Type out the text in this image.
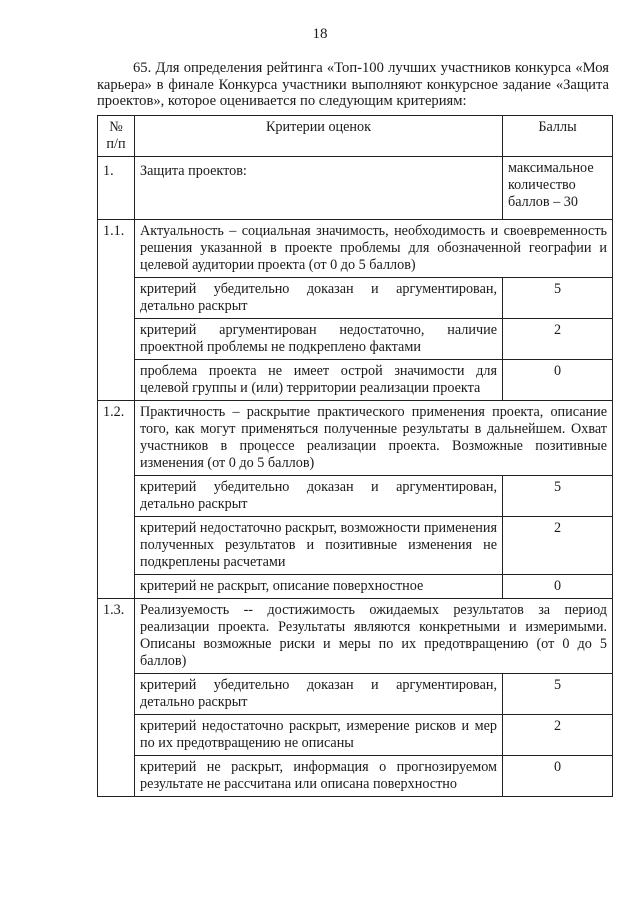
18
65. Для определения рейтинга «Топ-100 лучших участников конкурса «Моя карьера» в финале Конкурса участники выполняют конкурсное задание «Защита проектов», которое оценивается по следующим критериям:
№ п/п	Критерии оценок	Баллы
1.	Защита проектов:	максимальное количество баллов – 30
1.1.	Актуальность – социальная значимость, необходимость и своевременность решения указанной в проекте проблемы для обозначенной географии и целевой аудитории проекта (от 0 до 5 баллов)	
	критерий убедительно доказан и аргументирован, детально раскрыт	5
	критерий аргументирован недостаточно, наличие проектной проблемы не подкреплено фактами	2
	проблема проекта не имеет острой значимости для целевой группы и (или) территории реализации проекта	0
1.2.	Практичность – раскрытие практического применения проекта, описание того, как могут применяться полученные результаты в дальнейшем. Охват участников в процессе реализации проекта. Возможные позитивные изменения (от 0 до 5 баллов)	
	критерий убедительно доказан и аргументирован, детально раскрыт	5
	критерий недостаточно раскрыт, возможности применения полученных результатов и позитивные изменения не подкреплены расчетами	2
	критерий не раскрыт, описание поверхностное	0
1.3.	Реализуемость -- достижимость ожидаемых результатов за период реализации проекта. Результаты являются конкретными и измеримыми. Описаны возможные риски и меры по их предотвращению (от 0 до 5 баллов)	
	критерий убедительно доказан и аргументирован, детально раскрыт	5
	критерий недостаточно раскрыт, измерение рисков и мер по их предотвращению не описаны	2
	критерий не раскрыт, информация о прогнозируемом результате не рассчитана или описана поверхностно	0
